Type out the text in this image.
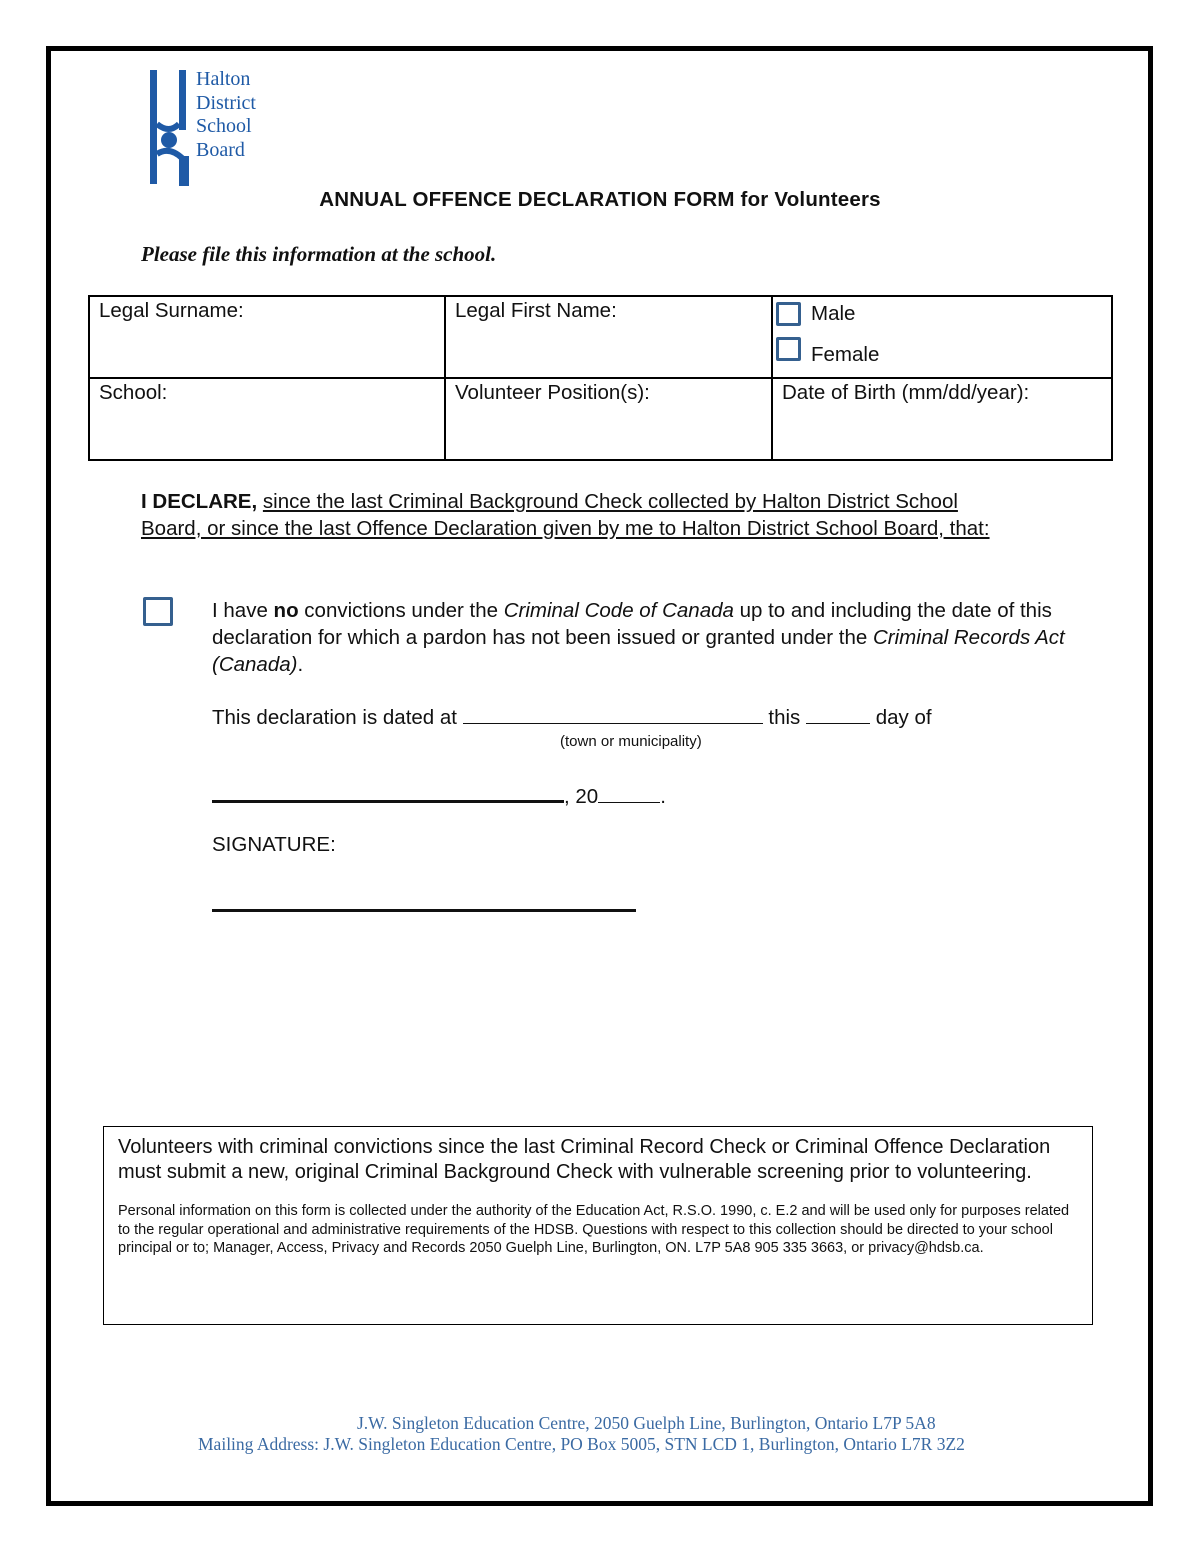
Halton
District
School
Board
ANNUAL OFFENCE DECLARATION FORM for Volunteers
Please file this information at the school.
Legal Surname:	Legal First Name:	Male
Female

School:	Volunteer Position(s):	Date of Birth (mm/dd/year):
I DECLARE, since the last Criminal Background Check collected by Halton District School Board, or since the last Offence Declaration given by me to Halton District School Board, that:
I have no convictions under the Criminal Code of Canada up to and including the date of this declaration for which a pardon has not been issued or granted under the Criminal Records Act (Canada).
This declaration is dated at	this	day of
(town or municipality)
, 20	.
SIGNATURE:
Volunteers with criminal convictions since the last Criminal Record Check or Criminal Offence Declaration must submit a new, original Criminal Background Check with vulnerable screening prior to volunteering.
Personal information on this form is collected under the authority of the Education Act, R.S.O. 1990, c. E.2 and will be used only for purposes related to the regular operational and administrative requirements of the HDSB. Questions with respect to this collection should be directed to your school principal or to; Manager, Access, Privacy and Records 2050 Guelph Line, Burlington, ON. L7P 5A8 905 335 3663, or privacy@hdsb.ca.
J.W. Singleton Education Centre, 2050 Guelph Line, Burlington, Ontario L7P 5A8
Mailing Address: J.W. Singleton Education Centre, PO Box 5005, STN LCD 1, Burlington, Ontario L7R 3Z2
